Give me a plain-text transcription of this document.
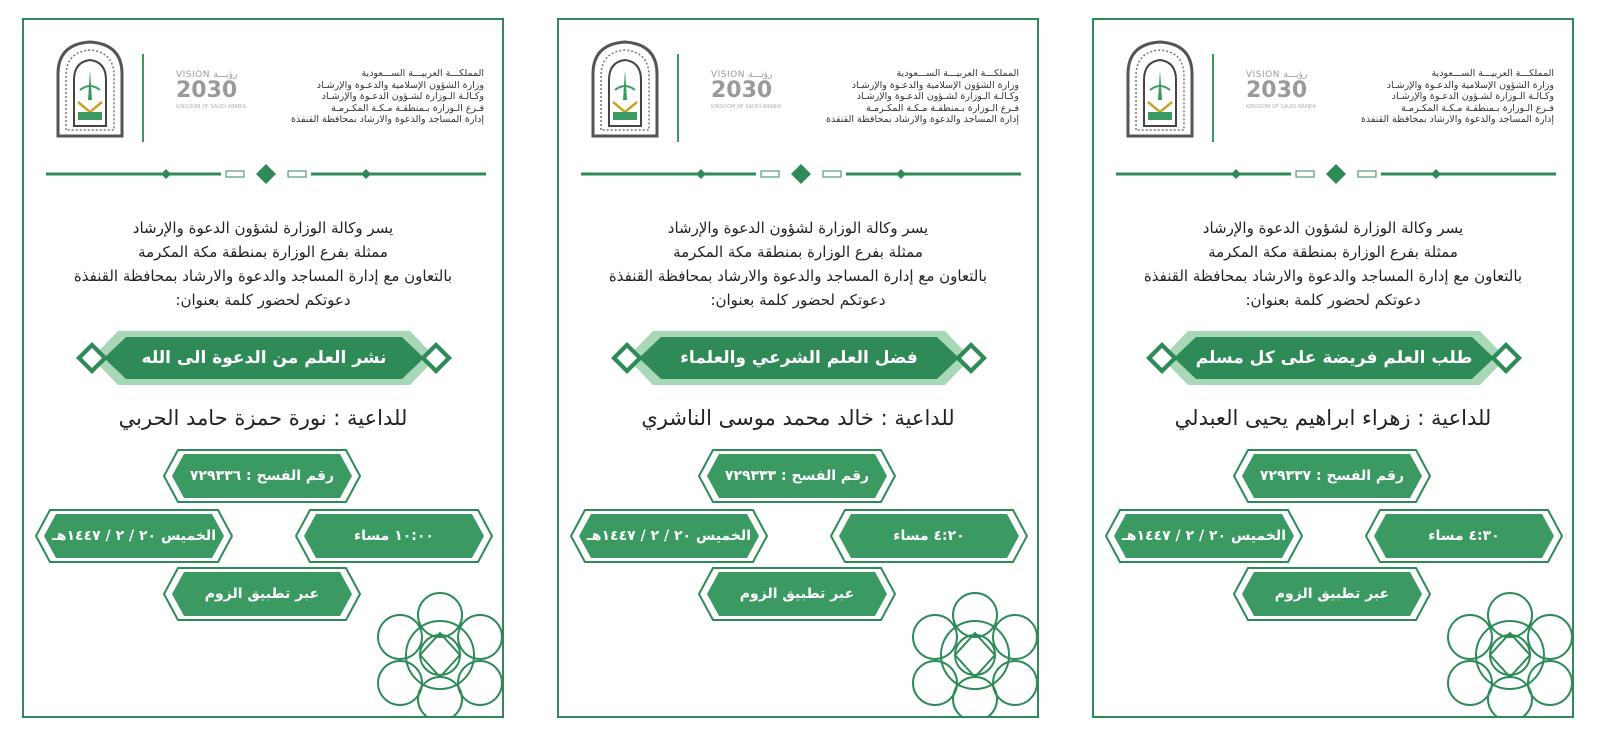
VISION رؤيـــة
2030
KINGDOM OF SAUDI ARABIA
المملكـــة العربيـــة الســـعودية
وزارة الشؤون الإسلامية والدعـوة والإرشـاد
وكـالـة الـوزارة لشـؤون الدعـوة والإرشـاد
فـرع الـوزارة بـمنطقـة مـكـة المكـرمـة
إدارة المساجد والدعوة والارشاد بمحافظة القنفذة
يسر وكالة الوزارة لشؤون الدعوة والإرشاد
ممثلة بفرع الوزارة بمنطقة مكة المكرمة
بالتعاون مع إدارة المساجد والدعوة والارشاد بمحافظة القنفذة
دعوتكم لحضور كلمة بعنوان:
نشر العلم من الدعوة الى الله
للداعية : نورة حمزة حامد الحربي
رقم الفسح : ٧٢٩٣٣٦
١٠:٠٠ مساء
الخميس ٢٠ / ٢ / ١٤٤٧هـ
عبر تطبيق الزوم
VISION رؤيـــة
2030
KINGDOM OF SAUDI ARABIA
المملكـــة العربيـــة الســـعودية
وزارة الشؤون الإسلامية والدعـوة والإرشـاد
وكـالـة الـوزارة لشـؤون الدعـوة والإرشـاد
فـرع الـوزارة بـمنطقـة مـكـة المكـرمـة
إدارة المساجد والدعوة والارشاد بمحافظة القنفذة
يسر وكالة الوزارة لشؤون الدعوة والإرشاد
ممثلة بفرع الوزارة بمنطقة مكة المكرمة
بالتعاون مع إدارة المساجد والدعوة والارشاد بمحافظة القنفذة
دعوتكم لحضور كلمة بعنوان:
فضل العلم الشرعي والعلماء
للداعية : خالد محمد موسى الناشري
رقم الفسح : ٧٢٩٣٣٣
٤:٢٠ مساء
الخميس ٢٠ / ٢ / ١٤٤٧هـ
عبر تطبيق الزوم
VISION رؤيـــة
2030
KINGDOM OF SAUDI ARABIA
المملكـــة العربيـــة الســـعودية
وزارة الشؤون الإسلامية والدعـوة والإرشـاد
وكـالـة الـوزارة لشـؤون الدعـوة والإرشـاد
فـرع الـوزارة بـمنطقـة مـكـة المكـرمـة
إدارة المساجد والدعوة والارشاد بمحافظة القنفذة
يسر وكالة الوزارة لشؤون الدعوة والإرشاد
ممثلة بفرع الوزارة بمنطقة مكة المكرمة
بالتعاون مع إدارة المساجد والدعوة والارشاد بمحافظة القنفذة
دعوتكم لحضور كلمة بعنوان:
طلب العلم فريضة على كل مسلم
للداعية : زهراء ابراهيم يحيى العبدلي
رقم الفسح : ٧٢٩٣٣٧
٤:٣٠ مساء
الخميس ٢٠ / ٢ / ١٤٤٧هـ
عبر تطبيق الزوم
